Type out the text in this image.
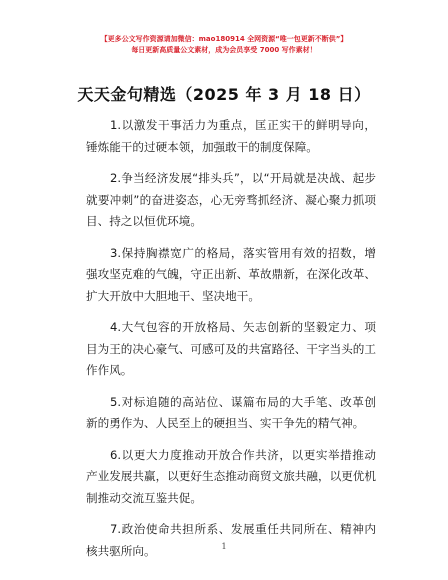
【更多公文写作资源请加微信：mao180914 全网资源“唯一包更新不断供”】
每日更新高质量公文素材，成为会员享受 7000 写作素材！
天天金句精选（2025 年 3 月 18 日）

1.以激发干事活力为重点，匡正实干的鲜明导向，锤炼能干的过硬本领，加强敢干的制度保障。

2.争当经济发展“排头兵”，以“开局就是决战、起步就要冲刺”的奋进姿态，心无旁骛抓经济、凝心聚力抓项目、持之以恒优环境。

3.保持胸襟宽广的格局，落实管用有效的招数，增强攻坚克难的气魄，守正出新、革故鼎新，在深化改革、扩大开放中大胆地干、坚决地干。

4.大气包容的开放格局、矢志创新的坚毅定力、项目为王的决心豪气、可感可及的共富路径、干字当头的工作作风。

5.对标追随的高站位、谋篇布局的大手笔、改革创新的勇作为、人民至上的硬担当、实干争先的精气神。

6.以更大力度推动开放合作共济，以更实举措推动产业发展共赢，以更好生态推动商贸文旅共融，以更优机制推动交流互鉴共促。

7.政治使命共担所系、发展重任共同所在、精神内核共驱所向。	1
